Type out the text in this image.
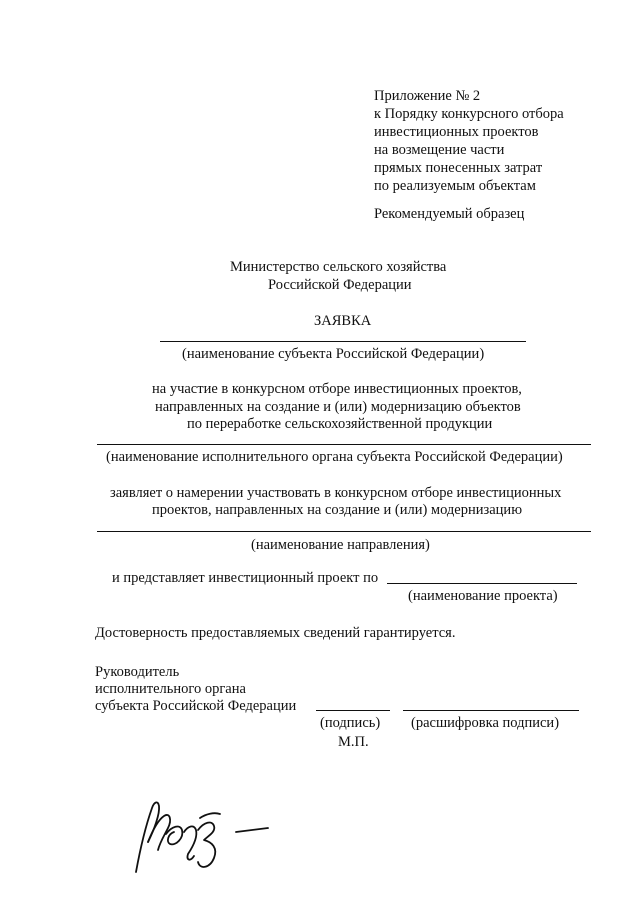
Приложение № 2
к Порядку конкурсного отбора
инвестиционных проектов
на возмещение части
прямых понесенных затрат
по реализуемым объектам
Рекомендуемый образец
Министерство сельского хозяйства
Российской Федерации
ЗАЯВКА
(наименование субъекта Российской Федерации)
на участие в конкурсном отборе инвестиционных проектов,
направленных на создание и (или) модернизацию объектов
по переработке сельскохозяйственной продукции
(наименование исполнительного органа субъекта Российской Федерации)
заявляет о намерении участвовать в конкурсном отборе инвестиционных
проектов, направленных на создание и (или) модернизацию
(наименование направления)
и представляет инвестиционный проект по
(наименование проекта)
Достоверность предоставляемых сведений гарантируется.
Руководитель
исполнительного органа
субъекта Российской Федерации
(подпись) (расшифровка подписи)
М.П.
